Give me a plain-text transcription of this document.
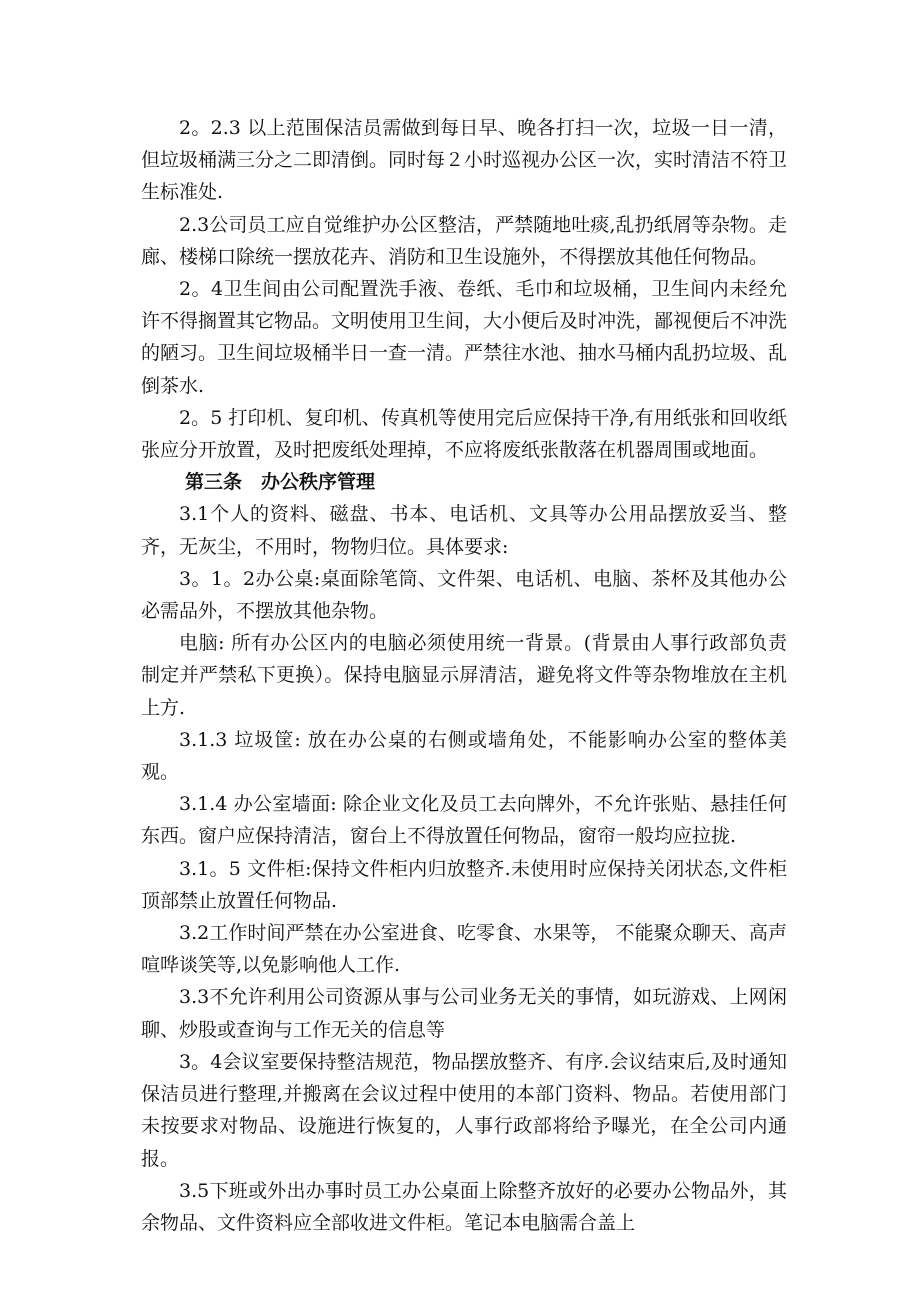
2。2.3 以上范围保洁员需做到每日早、晚各打扫一次，垃圾一日一清，但垃圾桶满三分之二即清倒。同时每２小时巡视办公区一次，实时清洁不符卫生标准处.

2.3公司员工应自觉维护办公区整洁，严禁随地吐痰,乱扔纸屑等杂物。走廊、楼梯口除统一摆放花卉、消防和卫生设施外，不得摆放其他任何物品。

2。4卫生间由公司配置洗手液、卷纸、毛巾和垃圾桶，卫生间内未经允许不得搁置其它物品。文明使用卫生间，大小便后及时冲洗，鄙视便后不冲洗的陋习。卫生间垃圾桶半日一查一清。严禁往水池、抽水马桶内乱扔垃圾、乱倒茶水.

2。5 打印机、复印机、传真机等使用完后应保持干净,有用纸张和回收纸张应分开放置，及时把废纸处理掉，不应将废纸张散落在机器周围或地面。

第三条　办公秩序管理

3.1个人的资料、磁盘、书本、电话机、文具等办公用品摆放妥当、整齐，无灰尘，不用时，物物归位。具体要求:

3。1。2办公桌:桌面除笔筒、文件架、电话机、电脑、茶杯及其他办公必需品外，不摆放其他杂物。

电脑: 所有办公区内的电脑必须使用统一背景。(背景由人事行政部负责制定并严禁私下更换）。保持电脑显示屏清洁，避免将文件等杂物堆放在主机上方.

3.1.3 垃圾筐: 放在办公桌的右侧或墙角处，不能影响办公室的整体美观。

3.1.4 办公室墙面: 除企业文化及员工去向牌外，不允许张贴、悬挂任何东西。窗户应保持清洁，窗台上不得放置任何物品，窗帘一般均应拉拢.

3.1。5 文件柜:保持文件柜内归放整齐.未使用时应保持关闭状态,文件柜顶部禁止放置任何物品.

3.2工作时间严禁在办公室进食、吃零食、水果等， 不能聚众聊天、高声喧哗谈笑等,以免影响他人工作.

3.3不允许利用公司资源从事与公司业务无关的事情，如玩游戏、上网闲聊、炒股或查询与工作无关的信息等

3。4会议室要保持整洁规范，物品摆放整齐、有序.会议结束后,及时通知保洁员进行整理,并搬离在会议过程中使用的本部门资料、物品。若使用部门未按要求对物品、设施进行恢复的，人事行政部将给予曝光，在全公司内通报。

3.5下班或外出办事时员工办公桌面上除整齐放好的必要办公物品外，其余物品、文件资料应全部收进文件柜。笔记本电脑需合盖上
